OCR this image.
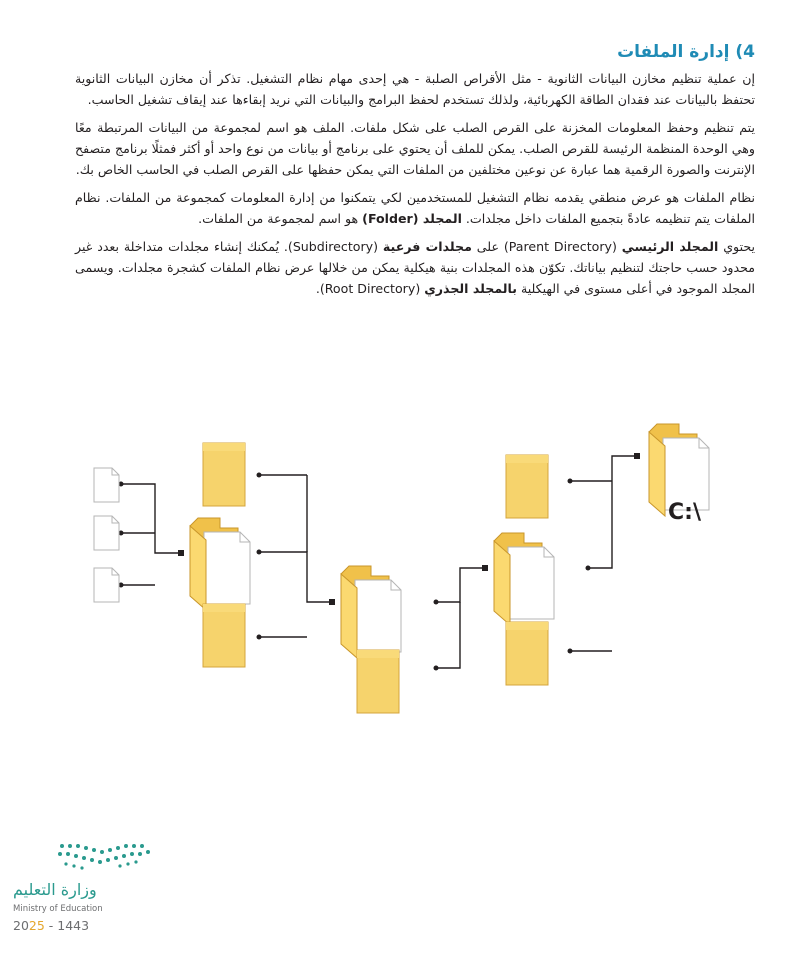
4) إدارة الملفات

إن عملية تنظيم مخازن البيانات الثانوية - مثل الأقراص الصلبة - هي إحدى مهام نظام التشغيل. تذكر أن مخازن البيانات الثانوية تحتفظ بالبيانات عند فقدان الطاقة الكهربائية، ولذلك تستخدم لحفظ البرامج والبيانات التي نريد إبقاءها عند إيقاف تشغيل الحاسب.

يتم تنظيم وحفظ المعلومات المخزنة على القرص الصلب على شكل ملفات. الملف هو اسم لمجموعة من البيانات المرتبطة معًا وهي الوحدة المنظمة الرئيسة للقرص الصلب. يمكن للملف أن يحتوي على برنامج أو بيانات من نوع واحد أو أكثر فمثلًا برنامج متصفح الإنترنت والصورة الرقمية هما عبارة عن نوعين مختلفين من الملفات التي يمكن حفظها على القرص الصلب في الحاسب الخاص بك.

نظام الملفات هو عرض منطقي يقدمه نظام التشغيل للمستخدمين لكي يتمكنوا من إدارة المعلومات كمجموعة من الملفات. نظام الملفات يتم تنظيمه عادةً بتجميع الملفات داخل مجلدات. المجلد (Folder) هو اسم لمجموعة من الملفات.

يحتوي المجلد الرئيسي (Parent Directory) على مجلدات فرعية (Subdirectory). يُمكنك إنشاء مجلدات متداخلة بعدد غير محدود حسب حاجتك لتنظيم بياناتك. تكوّن هذه المجلدات بنية هيكلية يمكن من خلالها عرض نظام الملفات كشجرة مجلدات. ويسمى المجلد الموجود في أعلى مستوى في الهيكلية بالمجلد الجذري (Root Directory).

C:\
وزارة التعليم
Ministry of Education
2025 - 1443
